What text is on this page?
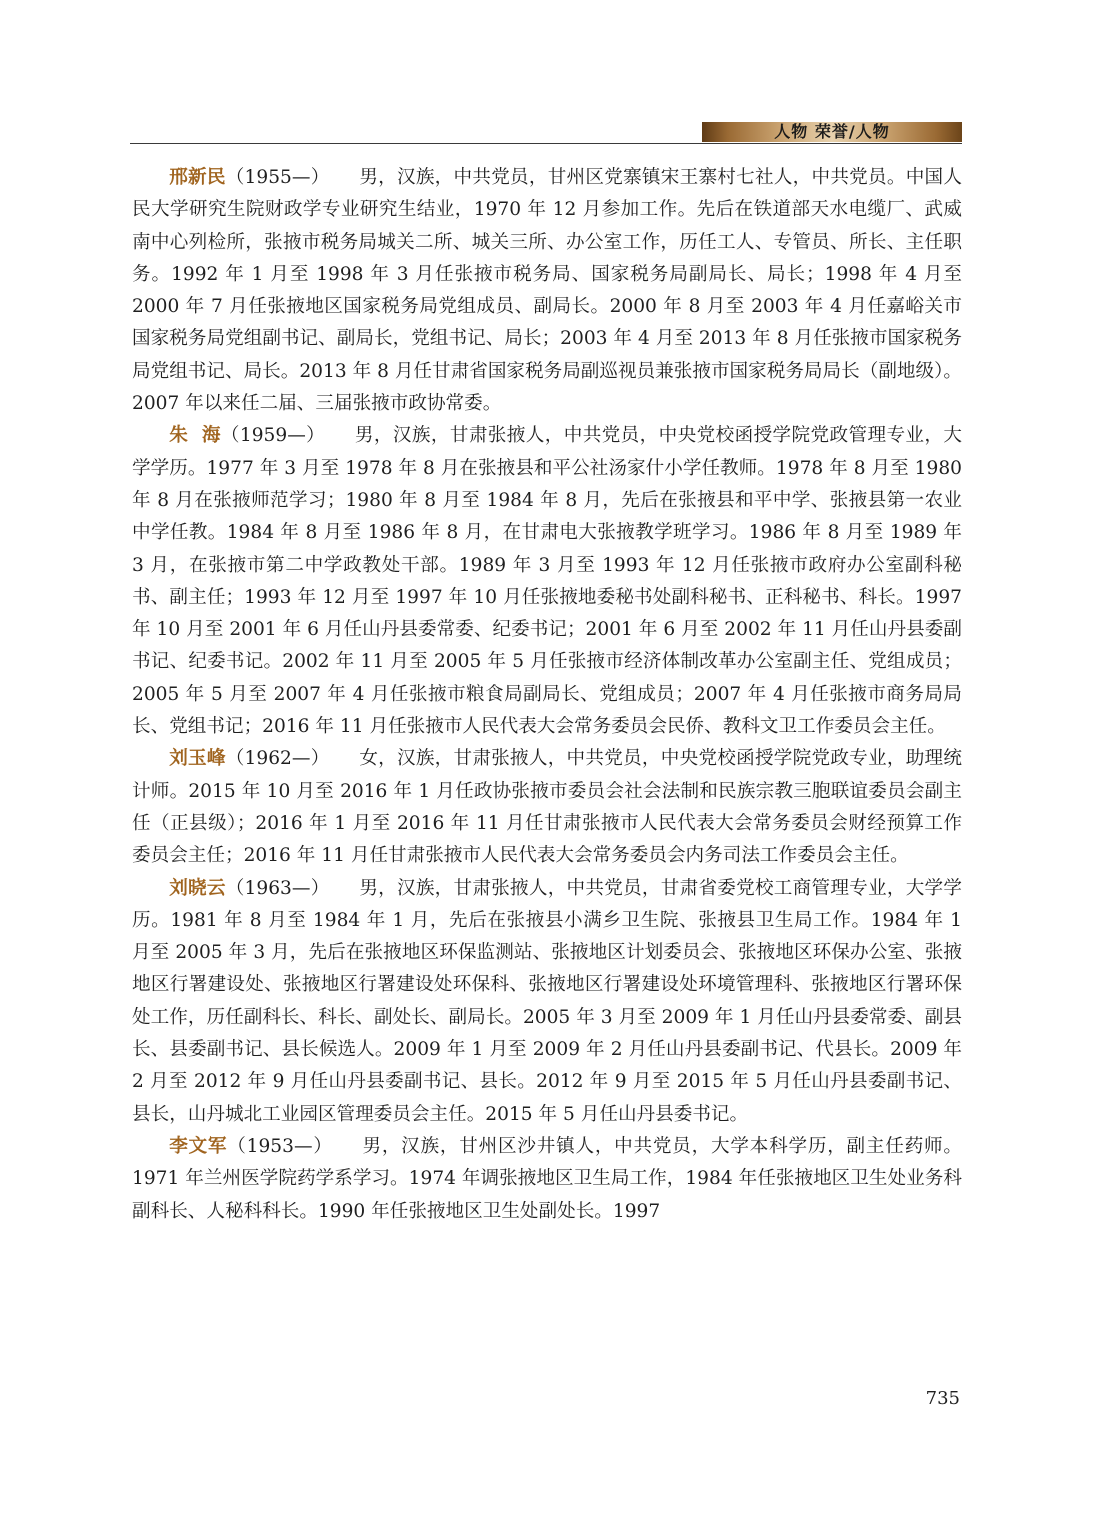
人物 荣誉/人物

邢新民（1955—） 男，汉族，中共党员，甘州区党寨镇宋王寨村七社人，中共党员。中国人民大学研究生院财政学专业研究生结业，1970 年 12 月参加工作。先后在铁道部天水电缆厂、武威南中心列检所，张掖市税务局城关二所、城关三所、办公室工作，历任工人、专管员、所长、主任职务。1992 年 1 月至 1998 年 3 月任张掖市税务局、国家税务局副局长、局长；1998 年 4 月至 2000 年 7 月任张掖地区国家税务局党组成员、副局长。2000 年 8 月至 2003 年 4 月任嘉峪关市国家税务局党组副书记、副局长，党组书记、局长；2003 年 4 月至 2013 年 8 月任张掖市国家税务局党组书记、局长。2013 年 8 月任甘肃省国家税务局副巡视员兼张掖市国家税务局局长（副地级）。2007 年以来任二届、三届张掖市政协常委。

朱  海（1959—） 男，汉族，甘肃张掖人，中共党员，中央党校函授学院党政管理专业，大学学历。1977 年 3 月至 1978 年 8 月在张掖县和平公社汤家什小学任教师。1978 年 8 月至 1980 年 8 月在张掖师范学习；1980 年 8 月至 1984 年 8 月，先后在张掖县和平中学、张掖县第一农业中学任教。1984 年 8 月至 1986 年 8 月，在甘肃电大张掖教学班学习。1986 年 8 月至 1989 年 3 月，在张掖市第二中学政教处干部。1989 年 3 月至 1993 年 12 月任张掖市政府办公室副科秘书、副主任；1993 年 12 月至 1997 年 10 月任张掖地委秘书处副科秘书、正科秘书、科长。1997 年 10 月至 2001 年 6 月任山丹县委常委、纪委书记；2001 年 6 月至 2002 年 11 月任山丹县委副书记、纪委书记。2002 年 11 月至 2005 年 5 月任张掖市经济体制改革办公室副主任、党组成员；2005 年 5 月至 2007 年 4 月任张掖市粮食局副局长、党组成员；2007 年 4 月任张掖市商务局局长、党组书记；2016 年 11 月任张掖市人民代表大会常务委员会民侨、教科文卫工作委员会主任。

刘玉峰（1962—） 女，汉族，甘肃张掖人，中共党员，中央党校函授学院党政专业，助理统计师。2015 年 10 月至 2016 年 1 月任政协张掖市委员会社会法制和民族宗教三胞联谊委员会副主任（正县级）；2016 年 1 月至 2016 年 11 月任甘肃张掖市人民代表大会常务委员会财经预算工作委员会主任；2016 年 11 月任甘肃张掖市人民代表大会常务委员会内务司法工作委员会主任。

刘晓云（1963—） 男，汉族，甘肃张掖人，中共党员，甘肃省委党校工商管理专业，大学学历。1981 年 8 月至 1984 年 1 月，先后在张掖县小满乡卫生院、张掖县卫生局工作。1984 年 1 月至 2005 年 3 月，先后在张掖地区环保监测站、张掖地区计划委员会、张掖地区环保办公室、张掖地区行署建设处、张掖地区行署建设处环保科、张掖地区行署建设处环境管理科、张掖地区行署环保处工作，历任副科长、科长、副处长、副局长。2005 年 3 月至 2009 年 1 月任山丹县委常委、副县长、县委副书记、县长候选人。2009 年 1 月至 2009 年 2 月任山丹县委副书记、代县长。2009 年 2 月至 2012 年 9 月任山丹县委副书记、县长。2012 年 9 月至 2015 年 5 月任山丹县委副书记、县长，山丹城北工业园区管理委员会主任。2015 年 5 月任山丹县委书记。

李文军（1953—） 男，汉族，甘州区沙井镇人，中共党员，大学本科学历，副主任药师。1971 年兰州医学院药学系学习。1974 年调张掖地区卫生局工作，1984 年任张掖地区卫生处业务科副科长、人秘科科长。1990 年任张掖地区卫生处副处长。1997

735
